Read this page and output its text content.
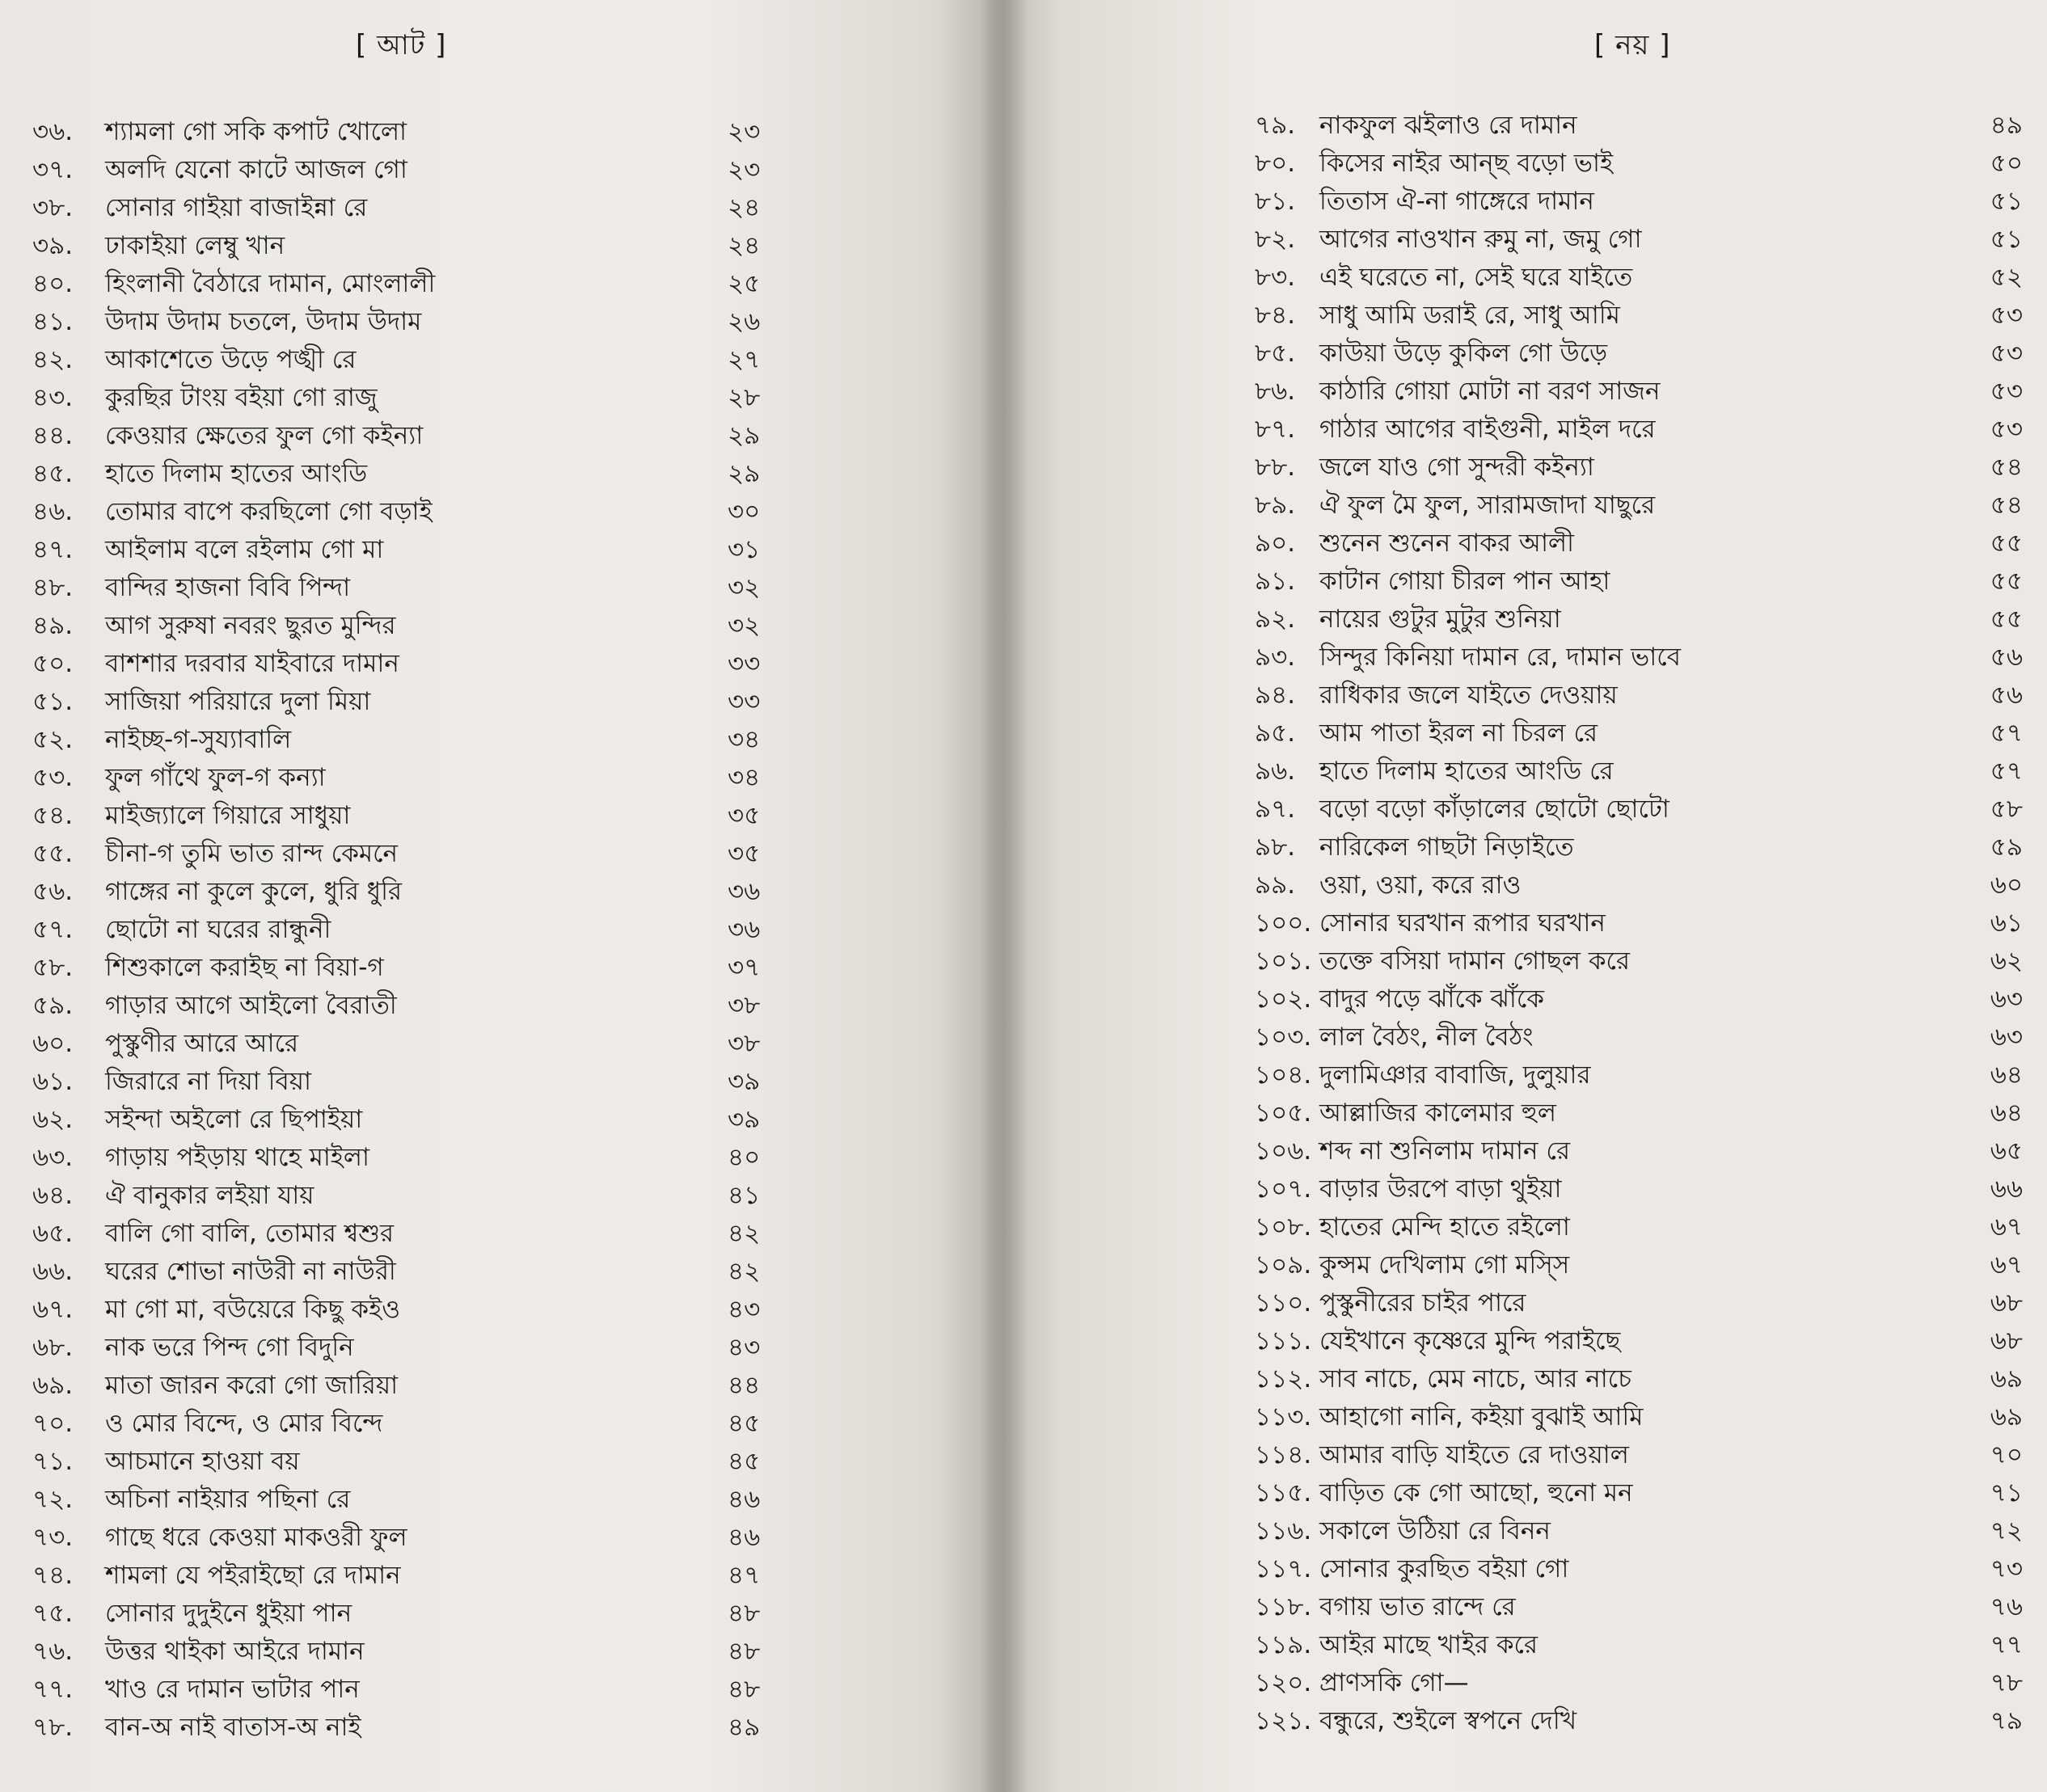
[ আট ]
৩৬.	শ্যামলা গো সকি কপাট খোলো	২৩
৩৭.	অলদি যেনো কাটে আজল গো	২৩
৩৮.	সোনার গাইয়া বাজাইন্না রে	২৪
৩৯.	ঢাকাইয়া লেম্বু খান	২৪
৪০.	হিংলানী বৈঠারে দামান, মোংলালী	২৫
৪১.	উদাম উদাম চতলে, উদাম উদাম	২৬
৪২.	আকাশেতে উড়ে পঙ্খী রে	২৭
৪৩.	কুরছির টাংয় বইয়া গো রাজু	২৮
৪৪.	কেওয়ার ক্ষেতের ফুল গো কইন্যা	২৯
৪৫.	হাতে দিলাম হাতের আংডি	২৯
৪৬.	তোমার বাপে করছিলো গো বড়াই	৩০
৪৭.	আইলাম বলে রইলাম গো মা	৩১
৪৮.	বান্দির হাজনা বিবি পিন্দা	৩২
৪৯.	আগ সুরুষা নবরং ছুরত মুন্দির	৩২
৫০.	বাশশার দরবার যাইবারে দামান	৩৩
৫১.	সাজিয়া পরিয়ারে দুলা মিয়া	৩৩
৫২.	নাইচ্ছ-গ-সুয্যাবালি	৩৪
৫৩.	ফুল গাঁথে ফুল-গ কন্যা	৩৪
৫৪.	মাইজ্যালে গিয়ারে সাধুয়া	৩৫
৫৫.	চীনা-গ তুমি ভাত রান্দ কেমনে	৩৫
৫৬.	গাঙ্গের না কুলে কুলে, ধুরি ধুরি	৩৬
৫৭.	ছোটো না ঘরের রান্ধুনী	৩৬
৫৮.	শিশুকালে করাইছ না বিয়া-গ	৩৭
৫৯.	গাড়ার আগে আইলো বৈরাতী	৩৮
৬০.	পুস্কুণীর আরে আরে	৩৮
৬১.	জিরারে না দিয়া বিয়া	৩৯
৬২.	সইন্দা অইলো রে ছিপাইয়া	৩৯
৬৩.	গাড়ায় পইড়ায় থাহে মাইলা	৪০
৬৪.	ঐ বানুকার লইয়া যায়	৪১
৬৫.	বালি গো বালি, তোমার শ্বশুর	৪২
৬৬.	ঘরের শোভা নাউরী না নাউরী	৪২
৬৭.	মা গো মা, বউয়েরে কিছু কইও	৪৩
৬৮.	নাক ভরে পিন্দ গো বিদুনি	৪৩
৬৯.	মাতা জারন করো গো জারিয়া	৪৪
৭০.	ও মোর বিন্দে, ও মোর বিন্দে	৪৫
৭১.	আচমানে হাওয়া বয়	৪৫
৭২.	অচিনা নাইয়ার পছিনা রে	৪৬
৭৩.	গাছে ধরে কেওয়া মাকওরী ফুল	৪৬
৭৪.	শামলা যে পইরাইছো রে দামান	৪৭
৭৫.	সোনার দুদুইনে ধুইয়া পান	৪৮
৭৬.	উত্তর থাইকা আইরে দামান	৪৮
৭৭.	খাও রে দামান ভাটার পান	৪৮
৭৮.	বান-অ নাই বাতাস-অ নাই	৪৯
[ নয় ]
৭৯. নাকফুল ঝইলাও রে দামান	৪৯
৮০. কিসের নাইর আন্ছ বড়ো ভাই	৫০
৮১. তিতাস ঐ-না গাঙ্গেরে দামান	৫১
৮২. আগের নাওখান রুমু না, জমু গো	৫১
৮৩. এই ঘরেতে না, সেই ঘরে যাইতে	৫২
৮৪. সাধু আমি ডরাই রে, সাধু আমি	৫৩
৮৫. কাউয়া উড়ে কুকিল গো উড়ে	৫৩
৮৬. কাঠারি গোয়া মোটা না বরণ সাজন	৫৩
৮৭. গাঠার আগের বাইগুনী, মাইল দরে	৫৩
৮৮. জলে যাও গো সুন্দরী কইন্যা	৫৪
৮৯. ঐ ফুল মৈ ফুল, সারামজাদা যাছুরে	৫৪
৯০. শুনেন শুনেন বাকর আলী	৫৫
৯১. কাটান গোয়া চীরল পান আহা	৫৫
৯২. নায়ের গুটুর মুটুর শুনিয়া	৫৫
৯৩. সিন্দুর কিনিয়া দামান রে, দামান ভাবে	৫৬
৯৪. রাধিকার জলে যাইতে দেওয়ায়	৫৬
৯৫. আম পাতা ইরল না চিরল রে	৫৭
৯৬. হাতে দিলাম হাতের আংডি রে	৫৭
৯৭. বড়ো বড়ো কাঁড়ালের ছোটো ছোটো	৫৮
৯৮. নারিকেল গাছটা নিড়াইতে	৫৯
৯৯. ওয়া, ওয়া, করে রাও	৬০
১০০. সোনার ঘরখান রূপার ঘরখান	৬১
১০১. তক্তে বসিয়া দামান গোছল করে	৬২
১০২. বাদুর পড়ে ঝাঁকে ঝাঁকে	৬৩
১০৩. লাল বৈঠং, নীল বৈঠং	৬৩
১০৪. দুলামিঞার বাবাজি, দুলুয়ার	৬৪
১০৫. আল্লাজির কালেমার হুল	৬৪
১০৬. শব্দ না শুনিলাম দামান রে	৬৫
১০৭. বাড়ার উরপে বাড়া থুইয়া	৬৬
১০৮. হাতের মেন্দি হাতে রইলো	৬৭
১০৯. কুন্সম দেখিলাম গো মস্সি	৬৭
১১০. পুস্কুনীরের চাইর পারে	৬৮
১১১. যেইখানে কৃষ্ণেরে মুন্দি পরাইছে	৬৮
১১২. সাব নাচে, মেম নাচে, আর নাচে	৬৯
১১৩. আহাগো নানি, কইয়া বুঝাই আমি	৬৯
১১৪. আমার বাড়ি যাইতে রে দাওয়াল	৭০
১১৫. বাড়িত কে গো আছো, হুনো মন	৭১
১১৬. সকালে উঠিয়া রে বিনন	৭২
১১৭. সোনার কুরছিত বইয়া গো	৭৩
১১৮. বগায় ভাত রান্দে রে	৭৬
১১৯. আইর মাছে খাইর করে	৭৭
১২০. প্রাণসকি গো—	৭৮
১২১. বন্ধুরে, শুইলে স্বপনে দেখি	৭৯
